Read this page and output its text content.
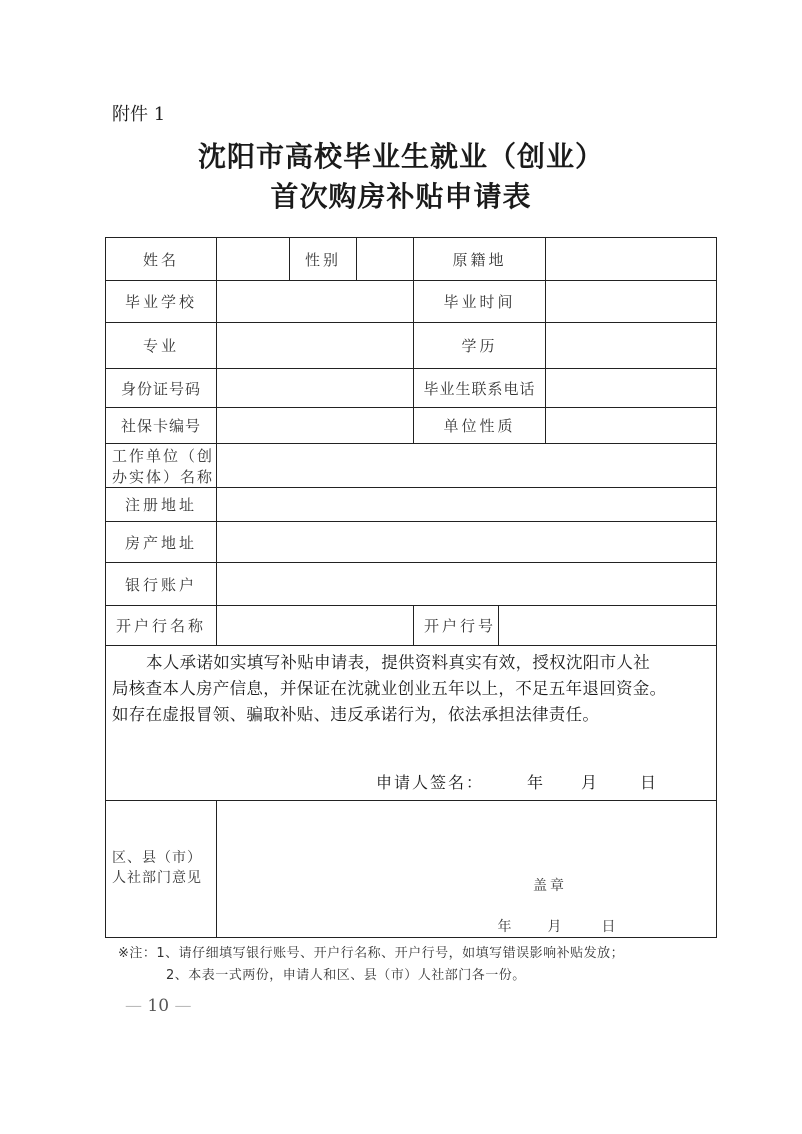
附件 1
沈阳市高校毕业生就业（创业）
首次购房补贴申请表
姓名	性别	原籍地
毕业学校	毕业时间
专业	学历
身份证号码	毕业生联系电话
社保卡编号	单位性质
工作单位（创
办实体）名称
注册地址
房产地址
银行账户
开户行名称	开户行号
本人承诺如实填写补贴申请表，提供资料真实有效，授权沈阳市人社
局核查本人房产信息，并保证在沈就业创业五年以上，不足五年退回资金。
如存在虚报冒领、骗取补贴、违反承诺行为，依法承担法律责任。
申请人签名：	年 月	日
区、县（市）
人社部门意见	盖章
年 月	日
※注：1、请仔细填写银行账号、开户行名称、开户行号，如填写错误影响补贴发放；
2、本表一式两份，申请人和区、县（市）人社部门各一份。
— 10 —
